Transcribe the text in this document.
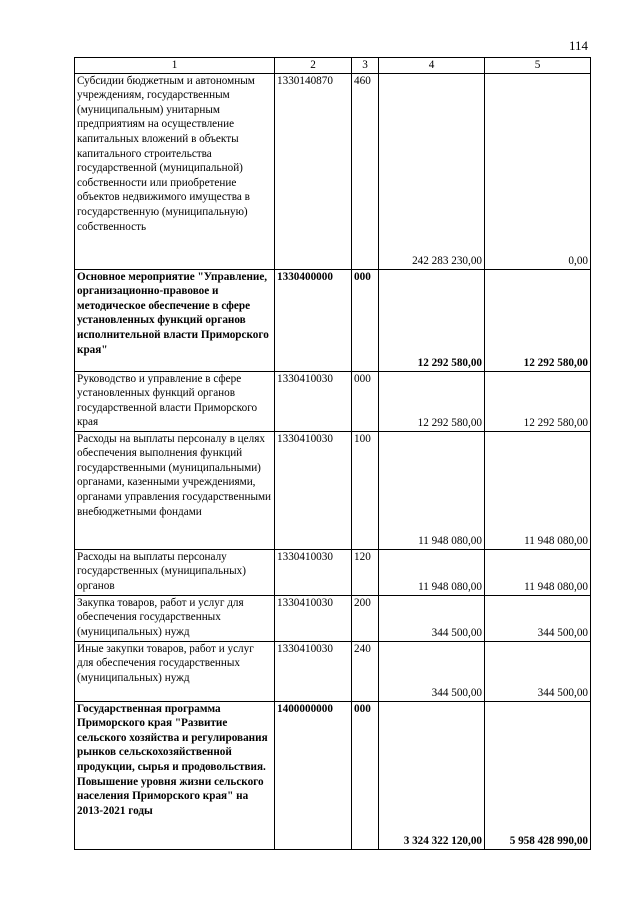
114
1	2	3	4	5
Субсидии бюджетным и автономным учреждениям, государственным (муниципальным) унитарным предприятиям на осуществление капитальных вложений в объекты капитального строительства государственной (муниципальной) собственности или приобретение объектов недвижимого имущества в государственную (муниципальную) собственность	1330140870	460	242 283 230,00	0,00
Основное мероприятие "Управление, организационно-правовое и методическое обеспечение в сфере установленных функций органов исполнительной власти Приморского края"	1330400000	000	12 292 580,00	12 292 580,00
Руководство и управление в сфере установленных функций органов государственной власти Приморского края	1330410030	000	12 292 580,00	12 292 580,00
Расходы на выплаты персоналу в целях обеспечения выполнения функций государственными (муниципальными) органами, казенными учреждениями, органами управления государственными внебюджетными фондами	1330410030	100	11 948 080,00	11 948 080,00
Расходы на выплаты персоналу государственных (муниципальных) органов	1330410030	120	11 948 080,00	11 948 080,00
Закупка товаров, работ и услуг для обеспечения государственных (муниципальных) нужд	1330410030	200	344 500,00	344 500,00
Иные закупки товаров, работ и услуг для обеспечения государственных (муниципальных) нужд	1330410030	240	344 500,00	344 500,00
Государственная программа Приморского края "Развитие сельского хозяйства и регулирования рынков сельскохозяйственной продукции, сырья и продовольствия. Повышение уровня жизни сельского населения Приморского края" на 2013-2021 годы	1400000000	000	3 324 322 120,00	5 958 428 990,00
